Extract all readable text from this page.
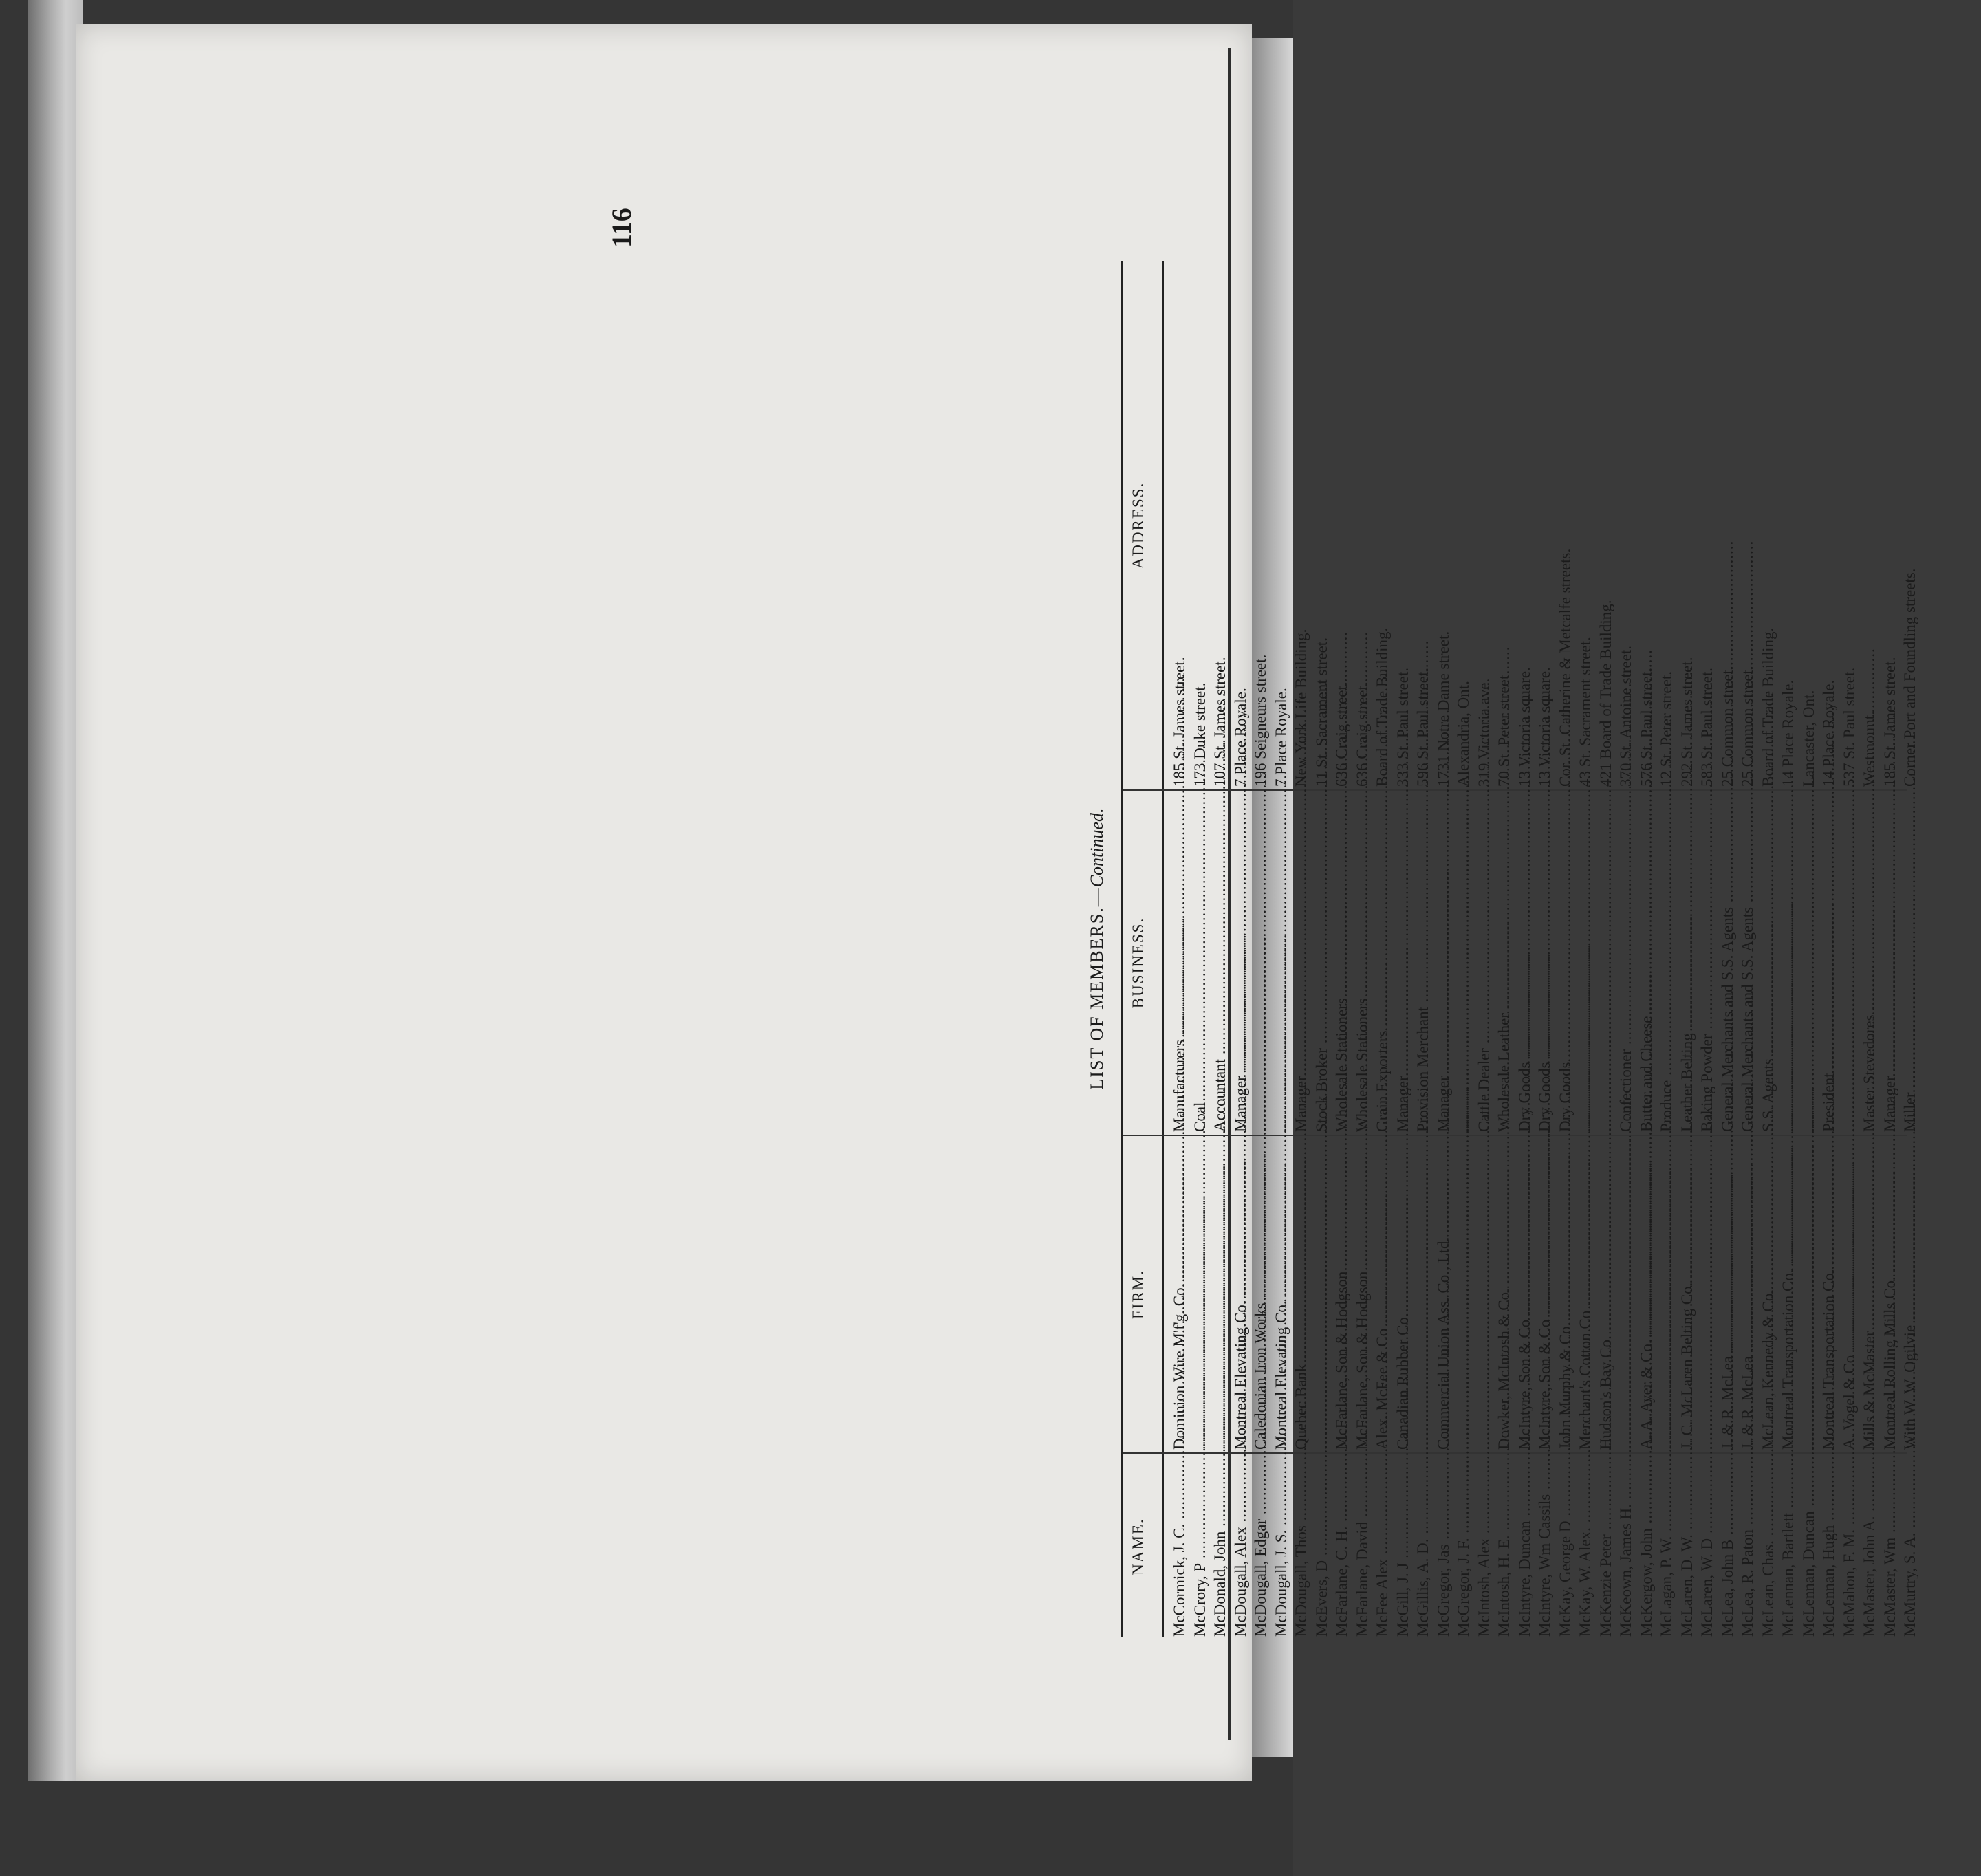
116
LIST OF MEMBERS.—Continued.
NAME.
FIRM.
BUSINESS.
ADDRESS.
McCormick, J. C. .....
Dominion Wire M'f'g. Co. .....
Manufacturers .....
185 St. James street.
McCrory, P .....
.....
Coal .....
173 Duke street.
McDonald, John .....
.....
Accountant .....
107 St. James street.
McDougall, Alex .....
Montreal Elevating Co. .....
Manager .....
7 Place Royale.
McDougall, Edgar .....
Caledonian Iron Works .....
.....
196 Seigneurs street.
McDougall, J. S. .....
Montreal Elevating Co. .....
.....
7 Place Royale.
McDougall, Thos .....
Quebec Bank .....
Manager .....
New York Life Building.
McEvers, D .....
.....
Stock Broker .....
11 St. Sacrament street.
McFarlane, C. H. .....
McFarlane, Son & Hodgson .....
Wholesale Stationers .....
636 Craig street.
McFarlane, David .....
McFarlane, Son & Hodgson .....
Wholesale Stationers .....
636 Craig street.
McFee Alex .....
Alex. McFee & Co .....
Grain Exporters .....
Board of Trade Building.
McGill, J. J .....
Canadian Rubber Co. .....
Manager .....
333 St. Paul street.
McGillis, A. D. .....
.....
Provision Merchant .....
596 St. Paul street.
McGregor, Jas .....
Commercial Union Ass. Co., Ltd. .....
Manager .....
1731 Notre Dame street.
McGregor, J. F. .....
.....
.....
Alexandria, Ont.
McIntosh, Alex .....
.....
Cattle Dealer .....
319 Victoria ave.
McIntosh, H. E. .....
Dowker, McIntosh & Co. .....
Wholesale Leather .....
70 St. Peter street
McIntyre, Duncan .....
McIntyre, Son & Co .....
Dry Goods .....
13 Victoria square.
McIntyre, Wm Cassils .....
McIntyre, Son & Co .....
Dry Goods .....
13 Victoria square.
McKay, George D .....
John Murphy & Co. .....
Dry Goods .....
Cor. St. Catherine & Metcalfe streets.
McKay, W. Alex. .....
Merchant's Cotton Co .....
.....
43 St. Sacrament street.
McKenzie Peter .....
Hudson's Bay Co. .....
.....
421 Board of Trade Building.
McKeown, James H. .....
.....
Confectioner .....
370 St. Antoine street.
McKergow, John .....
A. A. Ayer & Co. .....
Butter and Cheese .....
576 St. Paul street.
McLagan, P. W. .....
.....
Produce .....
12 St. Peter street.
McLaren, D. W. .....
J. C. McLaren Belting Co. .....
Leather Belting .....
292 St. James street.
McLaren, W. D .....
.....
Baking Powder .....
583 St. Paul street.
McLea, John B .....
J. & R. McLea .....
General Merchants and S.S. Agents .....
25 Common street.
McLea, R. Paton .....
J. & R. McLea .....
General Merchants and S.S. Agents .....
25 Common street.
McLean, Chas. .....
McLean, Kennedy & Co. .....
S.S. Agents .....
Board of Trade Building.
McLennan, Bartlett .....
Montreal Transportation Co. .....
.....
14 Place Royale.
McLennan, Duncan .....
.....
.....
Lancaster, Ont.
McLennan, Hugh .....
Montreal Transportation Co. .....
President .....
14 Place Royale.
McMahon, F. M. .....
A. Vogel & Co .....
.....
537 St. Paul street.
McMaster, John A. .....
Mills & McMaster .....
Master Stevedores .....
Westmount.
McMaster, Wm .....
Montreal Rolling Mills Co. .....
Manager .....
185 St. James street.
McMurtry, S. A. .....
With W. W. Ogilvie .....
Miller .....
Corner Port and Foundling streets.
